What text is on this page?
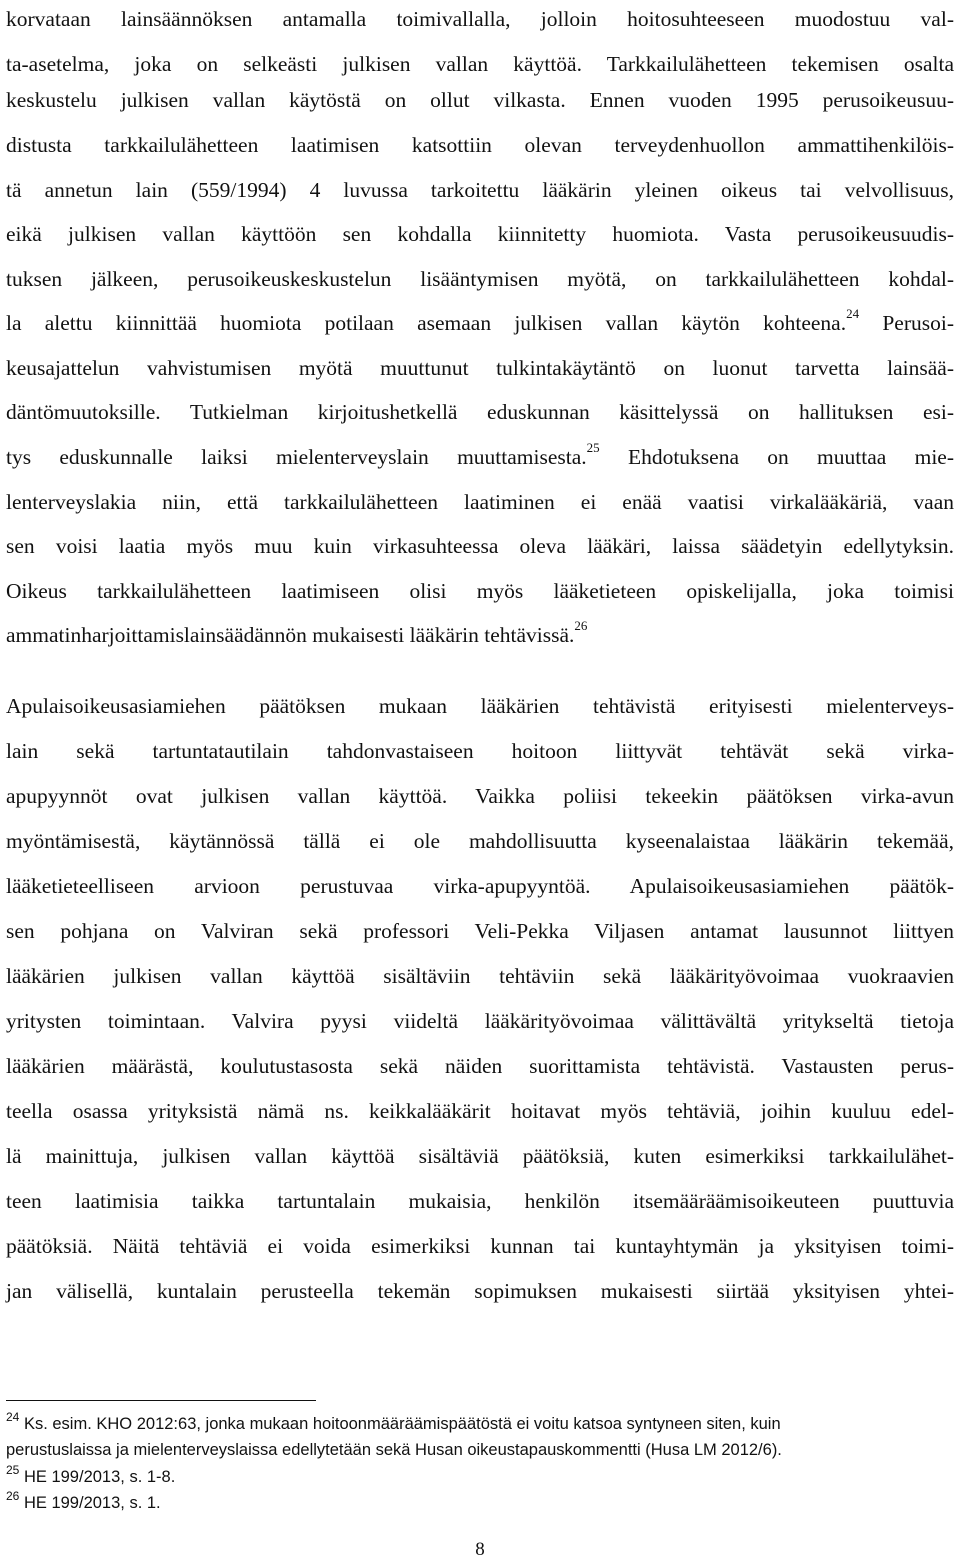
korvataan lainsäännöksen antamalla toimivallalla, jolloin hoitosuhteeseen muodostuu val-
ta-asetelma, joka on selkeästi julkisen vallan käyttöä. Tarkkailulähetteen tekemisen osalta
keskustelu julkisen vallan käytöstä on ollut vilkasta. Ennen vuoden 1995 perusoikeusuu-
distusta tarkkailulähetteen laatimisen katsottiin olevan terveydenhuollon ammattihenkilöis-
tä annetun lain (559/1994) 4 luvussa tarkoitettu lääkärin yleinen oikeus tai velvollisuus,
eikä julkisen vallan käyttöön sen kohdalla kiinnitetty huomiota. Vasta perusoikeusuudis-
tuksen jälkeen, perusoikeuskeskustelun lisääntymisen myötä, on tarkkailulähetteen kohdal-
la alettu kiinnittää huomiota potilaan asemaan julkisen vallan käytön kohteena.$^{24}$ Perusoi-
keusajattelun vahvistumisen myötä muuttunut tulkintakäytäntö on luonut tarvetta lainsää-
däntömuutoksille. Tutkielman kirjoitushetkellä eduskunnan käsittelyssä on hallituksen esi-
tys eduskunnalle laiksi mielenterveyslain muuttamisesta.$^{25}$ Ehdotuksena on muuttaa mie-
lenterveyslakia niin, että tarkkailulähetteen laatiminen ei enää vaatisi virkalääkäriä, vaan
sen voisi laatia myös muu kuin virkasuhteessa oleva lääkäri, laissa säädetyin edellytyksin.
Oikeus tarkkailulähetteen laatimiseen olisi myös lääketieteen opiskelijalla, joka toimisi
ammatinharjoittamislainsäädännön mukaisesti lääkärin tehtävissä.$^{26}$
Apulaisoikeusasiamiehen päätöksen mukaan lääkärien tehtävistä erityisesti mielenterveys-
lain sekä tartuntatautilain tahdonvastaiseen hoitoon liittyvät tehtävät sekä virka-
apupyynnöt ovat julkisen vallan käyttöä. Vaikka poliisi tekeekin päätöksen virka-avun
myöntämisestä, käytännössä tällä ei ole mahdollisuutta kyseenalaistaa lääkärin tekemää,
lääketieteelliseen arvioon perustuvaa virka-apupyyntöä. Apulaisoikeusasiamiehen päätök-
sen pohjana on Valviran sekä professori Veli-Pekka Viljasen antamat lausunnot liittyen
lääkärien julkisen vallan käyttöä sisältäviin tehtäviin sekä lääkärityövoimaa vuokraavien
yritysten toimintaan. Valvira pyysi viideltä lääkärityövoimaa välittävältä yritykseltä tietoja
lääkärien määrästä, koulutustasosta sekä näiden suorittamista tehtävistä. Vastausten perus-
teella osassa yrityksistä nämä ns. keikkalääkärit hoitavat myös tehtäviä, joihin kuuluu edel-
lä mainittuja, julkisen vallan käyttöä sisältäviä päätöksiä, kuten esimerkiksi tarkkailulähet-
teen laatimisia taikka tartuntalain mukaisia, henkilön itsemääräämisoikeuteen puuttuvia
päätöksiä. Näitä tehtäviä ei voida esimerkiksi kunnan tai kuntayhtymän ja yksityisen toimi-
jan välisellä, kuntalain perusteella tekemän sopimuksen mukaisesti siirtää yksityisen yhtei-
$^{24}$ Ks. esim. KHO 2012:63, jonka mukaan hoitoonmääräämispäätöstä ei voitu katsoa syntyneen siten, kuin
perustuslaissa ja mielenterveyslaissa edellytetään sekä Husan oikeustapauskommentti (Husa LM 2012/6).
$^{25}$ HE 199/2013, s. 1-8.
$^{26}$ HE 199/2013, s. 1.
8
